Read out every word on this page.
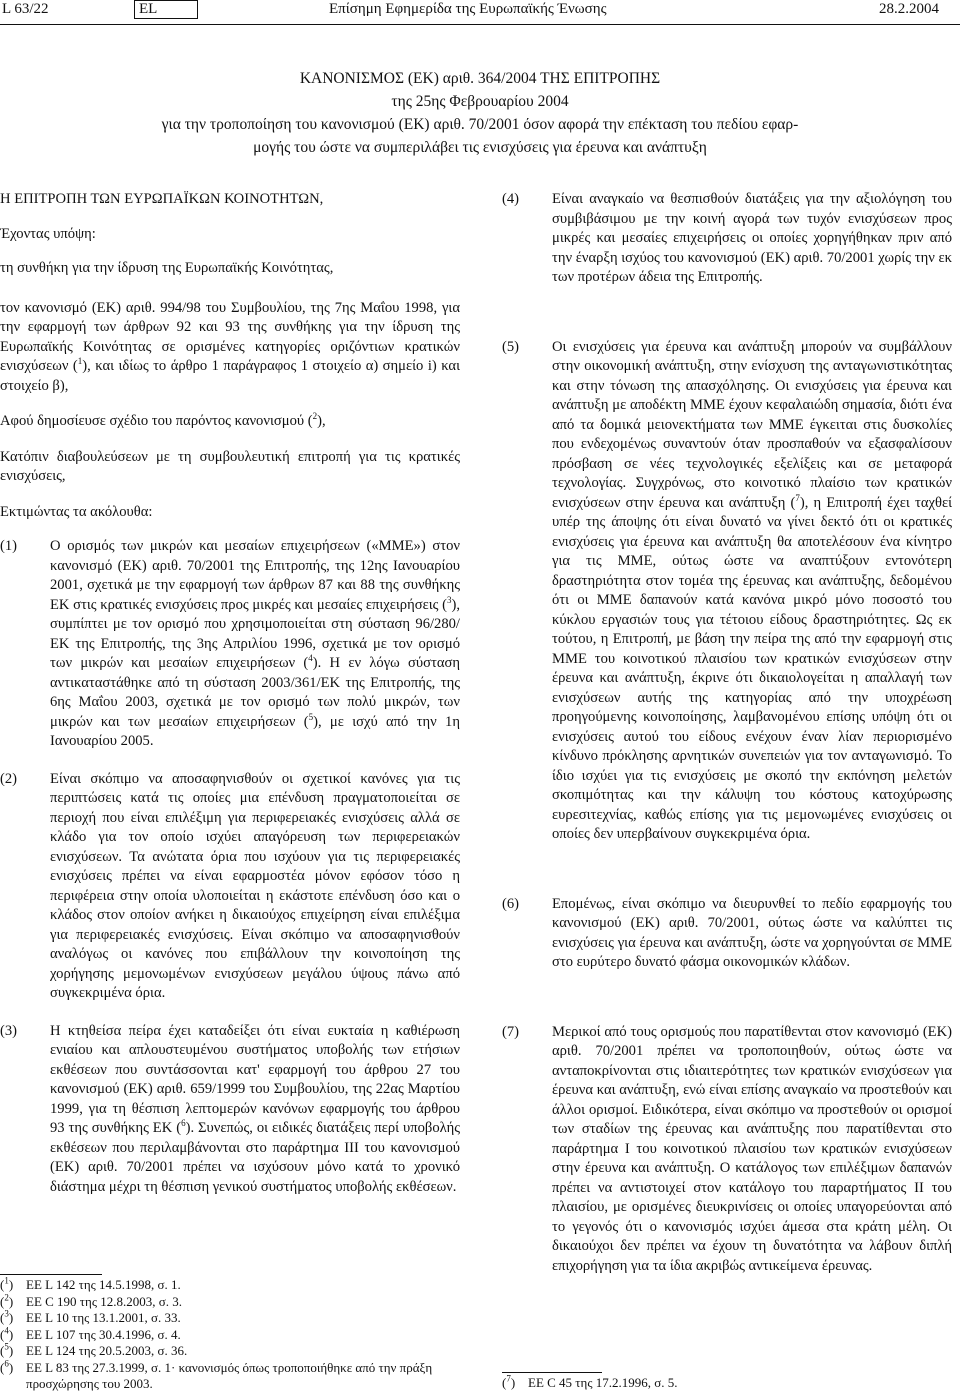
L 63/22	EL	Επίσημη Εφημερίδα της Ευρωπαϊκής Ένωσης	28.2.2004
ΚΑΝΟΝΙΣΜΟΣ (ΕΚ) αριθ. 364/2004 ΤΗΣ ΕΠΙΤΡΟΠΗΣ
της 25ης Φεβρουαρίου 2004
για την τροποποίηση του κανονισμού (ΕΚ) αριθ. 70/2001 όσον αφορά την επέκταση του πεδίου εφαρ-
μογής του ώστε να συμπεριλάβει τις ενισχύσεις για έρευνα και ανάπτυξη

Η ΕΠΙΤΡΟΠΗ ΤΩΝ ΕΥΡΩΠΑΪΚΩΝ ΚΟΙΝΟΤΗΤΩΝ,

Έχοντας υπόψη:

τη συνθήκη για την ίδρυση της Ευρωπαϊκής Κοινότητας,

τον κανονισμό (ΕΚ) αριθ. 994/98 του Συμβουλίου, της 7ης Μαΐου 1998, για την εφαρμογή των άρθρων 92 και 93 της συνθήκης για την ίδρυση της Ευρωπαϊκής Κοινότητας σε ορισμένες κατηγορίες οριζόντιων κρατικών ενισχύσεων ($^1$), και ιδίως το άρθρο 1 παράγραφος 1 στοιχείο α) σημείο i) και στοιχείο β),

Αφού δημοσίευσε σχέδιο του παρόντος κανονισμού ($^2$),

Κατόπιν διαβουλεύσεων με τη συμβουλευτική επιτροπή για τις κρατικές ενισχύσεις,

Εκτιμώντας τα ακόλουθα:

(1) Ο ορισμός των μικρών και μεσαίων επιχειρήσεων («ΜΜΕ») στον κανονισμό (ΕΚ) αριθ. 70/2001 της Επιτροπής, της 12ης Ιανουαρίου 2001, σχετικά με την εφαρμογή των άρθρων 87 και 88 της συνθήκης ΕΚ στις κρατικές ενισχύσεις προς μικρές και μεσαίες επιχειρήσεις ($^3$), συμπίπτει με τον ορισμό που χρησιμοποιείται στη σύσταση 96/280/ΕΚ της Επιτροπής, της 3ης Απριλίου 1996, σχετικά με τον ορισμό των μικρών και μεσαίων επιχειρήσεων ($^4$). Η εν λόγω σύσταση αντικαταστάθηκε από τη σύσταση 2003/361/ΕΚ της Επιτροπής, της 6ης Μαΐου 2003, σχετικά με τον ορισμό των πολύ μικρών, των μικρών και των μεσαίων επιχειρήσεων ($^5$), με ισχύ από την 1η Ιανουαρίου 2005.

(2) Είναι σκόπιμο να αποσαφηνισθούν οι σχετικοί κανόνες για τις περιπτώσεις κατά τις οποίες μια επένδυση πραγματοποιείται σε περιοχή που είναι επιλέξιμη για περιφερειακές ενισχύσεις αλλά σε κλάδο για τον οποίο ισχύει απαγόρευση των περιφερειακών ενισχύσεων. Τα ανώτατα όρια που ισχύουν για τις περιφερειακές ενισχύσεις πρέπει να είναι εφαρμοστέα μόνον εφόσον τόσο η περιφέρεια στην οποία υλοποιείται η εκάστοτε επένδυση όσο και ο κλάδος στον οποίον ανήκει η δικαιούχος επιχείρηση είναι επιλέξιμα για περιφερειακές ενισχύσεις. Είναι σκόπιμο να αποσαφηνισθούν αναλόγως οι κανόνες που επιβάλλουν την κοινοποίηση της χορήγησης μεμονωμένων ενισχύσεων μεγάλου ύψους πάνω από συγκεκριμένα όρια.

(3) Η κτηθείσα πείρα έχει καταδείξει ότι είναι ευκταία η καθιέρωση ενιαίου και απλουστευμένου συστήματος υποβολής των ετήσιων εκθέσεων που συντάσσονται κατ' εφαρμογή του άρθρου 27 του κανονισμού (ΕΚ) αριθ. 659/1999 του Συμβουλίου, της 22ας Μαρτίου 1999, για τη θέσπιση λεπτομερών κανόνων εφαρμογής του άρθρου 93 της συνθήκης ΕΚ ($^6$). Συνεπώς, οι ειδικές διατάξεις περί υποβολής εκθέσεων που περιλαμβάνονται στο παράρτημα ΙΙΙ του κανονισμού (ΕΚ) αριθ. 70/2001 πρέπει να ισχύσουν μόνο κατά το χρονικό διάστημα μέχρι τη θέσπιση γενικού συστήματος υποβολής εκθέσεων.

($^1$) ΕΕ L 142 της 14.5.1998, σ. 1.
($^2$) ΕΕ C 190 της 12.8.2003, σ. 3.
($^3$) ΕΕ L 10 της 13.1.2001, σ. 33.
($^4$) ΕΕ L 107 της 30.4.1996, σ. 4.
($^5$) ΕΕ L 124 της 20.5.2003, σ. 36.
($^6$) ΕΕ L 83 της 27.3.1999, σ. 1· κανονισμός όπως τροποποιήθηκε από την πράξη προσχώρησης του 2003.
(4) Είναι αναγκαίο να θεσπισθούν διατάξεις για την αξιολόγηση του συμβιβάσιμου με την κοινή αγορά των τυχόν ενισχύσεων προς μικρές και μεσαίες επιχειρήσεις οι οποίες χορηγήθηκαν πριν από την έναρξη ισχύος του κανονισμού (ΕΚ) αριθ. 70/2001 χωρίς την εκ των προτέρων άδεια της Επιτροπής.

(5) Οι ενισχύσεις για έρευνα και ανάπτυξη μπορούν να συμβάλλουν στην οικονομική ανάπτυξη, στην ενίσχυση της ανταγωνιστικότητας και στην τόνωση της απασχόλησης. Οι ενισχύσεις για έρευνα και ανάπτυξη με αποδέκτη ΜΜΕ έχουν κεφαλαιώδη σημασία, διότι ένα από τα δομικά μειονεκτήματα των ΜΜΕ έγκειται στις δυσκολίες που ενδεχομένως συναντούν όταν προσπαθούν να εξασφαλίσουν πρόσβαση σε νέες τεχνολογικές εξελίξεις και σε μεταφορά τεχνολογίας. Συγχρόνως, στο κοινοτικό πλαίσιο των κρατικών ενισχύσεων στην έρευνα και ανάπτυξη ($^7$), η Επιτροπή έχει ταχθεί υπέρ της άποψης ότι είναι δυνατό να γίνει δεκτό ότι οι κρατικές ενισχύσεις για έρευνα και ανάπτυξη θα αποτελέσουν ένα κίνητρο για τις ΜΜΕ, ούτως ώστε να αναπτύξουν εντονότερη δραστηριότητα στον τομέα της έρευνας και ανάπτυξης, δεδομένου ότι οι ΜΜΕ δαπανούν κατά κανόνα μικρό μόνο ποσοστό του κύκλου εργασιών τους για τέτοιου είδους δραστηριότητες. Ως εκ τούτου, η Επιτροπή, με βάση την πείρα της από την εφαρμογή στις ΜΜΕ του κοινοτικού πλαισίου των κρατικών ενισχύσεων στην έρευνα και ανάπτυξη, έκρινε ότι δικαιολογείται η απαλλαγή των ενισχύσεων αυτής της κατηγορίας από την υποχρέωση προηγούμενης κοινοποίησης, λαμβανομένου επίσης υπόψη ότι οι ενισχύσεις αυτού του είδους ενέχουν έναν λίαν περιορισμένο κίνδυνο πρόκλησης αρνητικών συνεπειών για τον ανταγωνισμό. Το ίδιο ισχύει για τις ενισχύσεις με σκοπό την εκπόνηση μελετών σκοπιμότητας και την κάλυψη του κόστους κατοχύρωσης ευρεσιτεχνίας, καθώς επίσης για τις μεμονωμένες ενισχύσεις οι οποίες δεν υπερβαίνουν συγκεκριμένα όρια.

(6) Επομένως, είναι σκόπιμο να διευρυνθεί το πεδίο εφαρμογής του κανονισμού (ΕΚ) αριθ. 70/2001, ούτως ώστε να καλύπτει τις ενισχύσεις για έρευνα και ανάπτυξη, ώστε να χορηγούνται σε ΜΜΕ στο ευρύτερο δυνατό φάσμα οικονομικών κλάδων.

(7) Μερικοί από τους ορισμούς που παρατίθενται στον κανονισμό (ΕΚ) αριθ. 70/2001 πρέπει να τροποποιηθούν, ούτως ώστε να ανταποκρίνονται στις ιδιαιτερότητες των κρατικών ενισχύσεων για έρευνα και ανάπτυξη, ενώ είναι επίσης αναγκαίο να προστεθούν και άλλοι ορισμοί. Ειδικότερα, είναι σκόπιμο να προστεθούν οι ορισμοί των σταδίων της έρευνας και ανάπτυξης που παρατίθενται στο παράρτημα Ι του κοινοτικού πλαισίου των κρατικών ενισχύσεων στην έρευνα και ανάπτυξη. Ο κατάλογος των επιλέξιμων δαπανών πρέπει να αντιστοιχεί στον κατάλογο του παραρτήματος ΙΙ του πλαισίου, με ορισμένες διευκρινίσεις οι οποίες υπαγορεύονται από το γεγονός ότι ο κανονισμός ισχύει άμεσα στα κράτη μέλη. Οι δικαιούχοι δεν πρέπει να έχουν τη δυνατότητα να λάβουν διπλή επιχορήγηση για τα ίδια ακριβώς αντικείμενα έρευνας.

($^7$) ΕΕ C 45 της 17.2.1996, σ. 5.
